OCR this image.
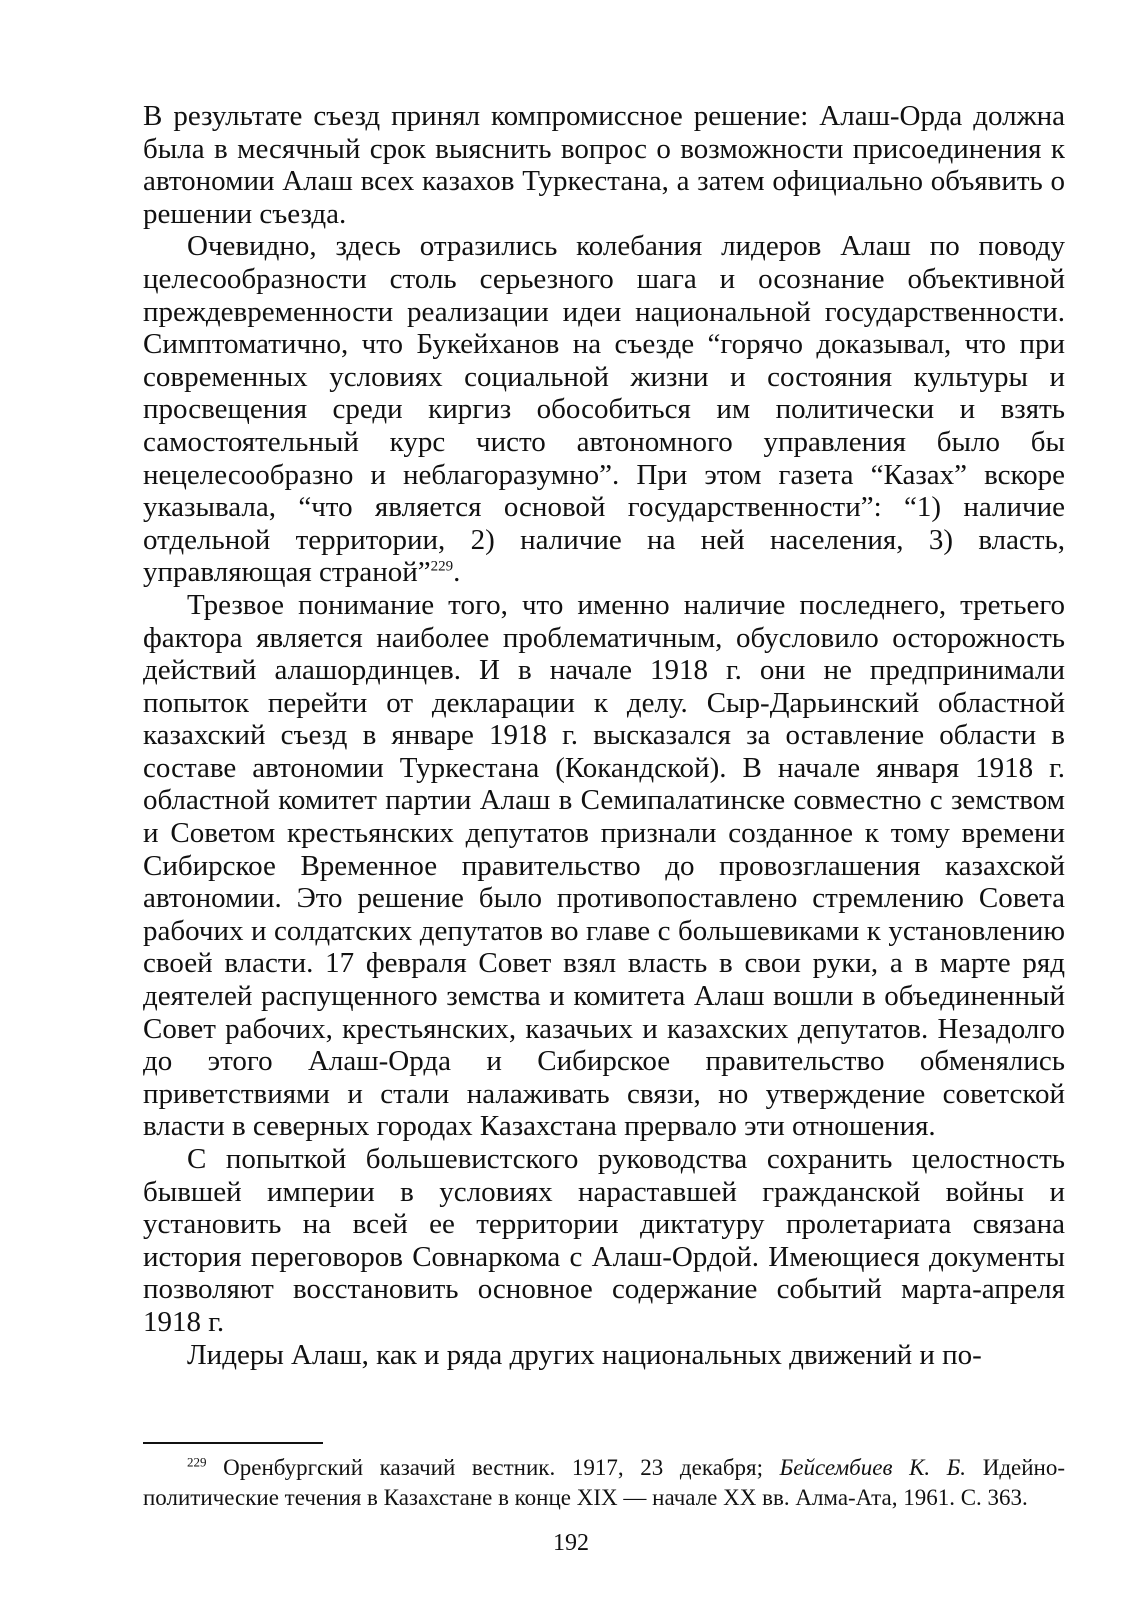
В результате съезд принял компромиссное решение: Алаш-Орда должна была в месячный срок выяснить вопрос о возможности присоединения к автономии Алаш всех казахов Туркестана, а затем официально объявить о решении съезда.

Очевидно, здесь отразились колебания лидеров Алаш по поводу целесообразности столь серьезного шага и осознание объективной преждевременности реализации идеи национальной государственности. Симптоматично, что Букейханов на съезде “горячо доказывал, что при современных условиях социальной жизни и состояния культуры и просвещения среди киргиз обособиться им политически и взять самостоятельный курс чисто автономного управления было бы нецелесообразно и неблагоразумно”. При этом газета “Казах” вскоре указывала, “что является основой государственности”: “1) наличие отдельной территории, 2) наличие на ней населения, 3) власть, управляющая страной”$^{229}$.

Трезвое понимание того, что именно наличие последнего, третьего фактора является наиболее проблематичным, обусловило осторожность действий алашординцев. И в начале 1918 г. они не предпринимали попыток перейти от декларации к делу. Сыр-Дарьинский областной казахский съезд в январе 1918 г. высказался за оставление области в составе автономии Туркестана (Кокандской). В начале января 1918 г. областной комитет партии Алаш в Семипалатинске совместно с земством и Советом крестьянских депутатов признали созданное к тому времени Сибирское Временное правительство до провозглашения казахской автономии. Это решение было противопоставлено стремлению Совета рабочих и солдатских депутатов во главе с большевиками к установлению своей власти. 17 февраля Совет взял власть в свои руки, а в марте ряд деятелей распущенного земства и комитета Алаш вошли в объединенный Совет рабочих, крестьянских, казачьих и казахских депутатов. Незадолго до этого Алаш-Орда и Сибирское правительство обменялись приветствиями и стали налаживать связи, но утверждение советской власти в северных городах Казахстана прервало эти отношения.

С попыткой большевистского руководства сохранить целостность бывшей империи в условиях нараставшей гражданской войны и установить на всей ее территории диктатуру пролетариата связана история переговоров Совнаркома с Алаш-Ордой. Имеющиеся документы позволяют восстановить основное содержание событий марта-апреля 1918 г.

Лидеры Алаш, как и ряда других национальных движений и по-

$^{229}$ Оренбургский казачий вестник. 1917, 23 декабря; Бейсембиев К. Б. Идейно-политические течения в Казахстане в конце XIX — начале XX вв. Алма-Ата, 1961. С. 363.
192
